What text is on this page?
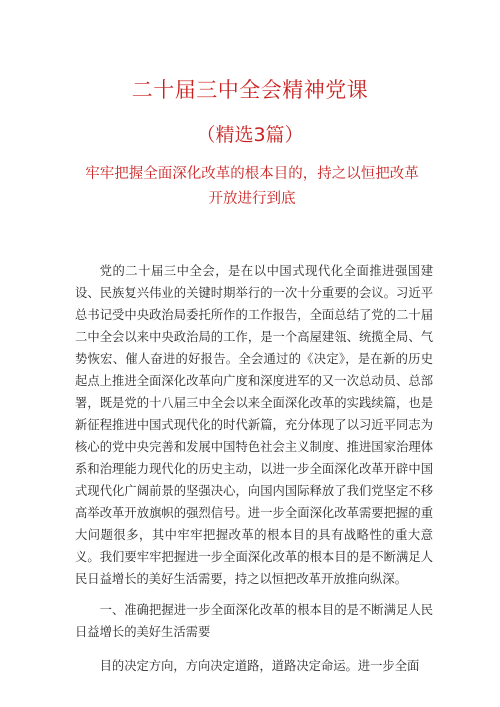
二十届三中全会精神党课
（精选3篇）
牢牢把握全面深化改革的根本目的，持之以恒把改革开放进行到底

党的二十届三中全会，是在以中国式现代化全面推进强国建设、民族复兴伟业的关键时期举行的一次十分重要的会议。习近平总书记受中央政治局委托所作的工作报告，全面总结了党的二十届二中全会以来中央政治局的工作，是一个高屋建瓴、统揽全局、气势恢宏、催人奋进的好报告。全会通过的《决定》，是在新的历史起点上推进全面深化改革向广度和深度进军的又一次总动员、总部署，既是党的十八届三中全会以来全面深化改革的实践续篇，也是新征程推进中国式现代化的时代新篇，充分体现了以习近平同志为核心的党中央完善和发展中国特色社会主义制度、推进国家治理体系和治理能力现代化的历史主动，以进一步全面深化改革开辟中国式现代化广阔前景的坚强决心，向国内国际释放了我们党坚定不移高举改革开放旗帜的强烈信号。进一步全面深化改革需要把握的重大问题很多，其中牢牢把握改革的根本目的具有战略性的重大意义。我们要牢牢把握进一步全面深化改革的根本目的是不断满足人民日益增长的美好生活需要，持之以恒把改革开放推向纵深。

一、准确把握进一步全面深化改革的根本目的是不断满足人民日益增长的美好生活需要

目的决定方向，方向决定道路，道路决定命运。进一步全面
